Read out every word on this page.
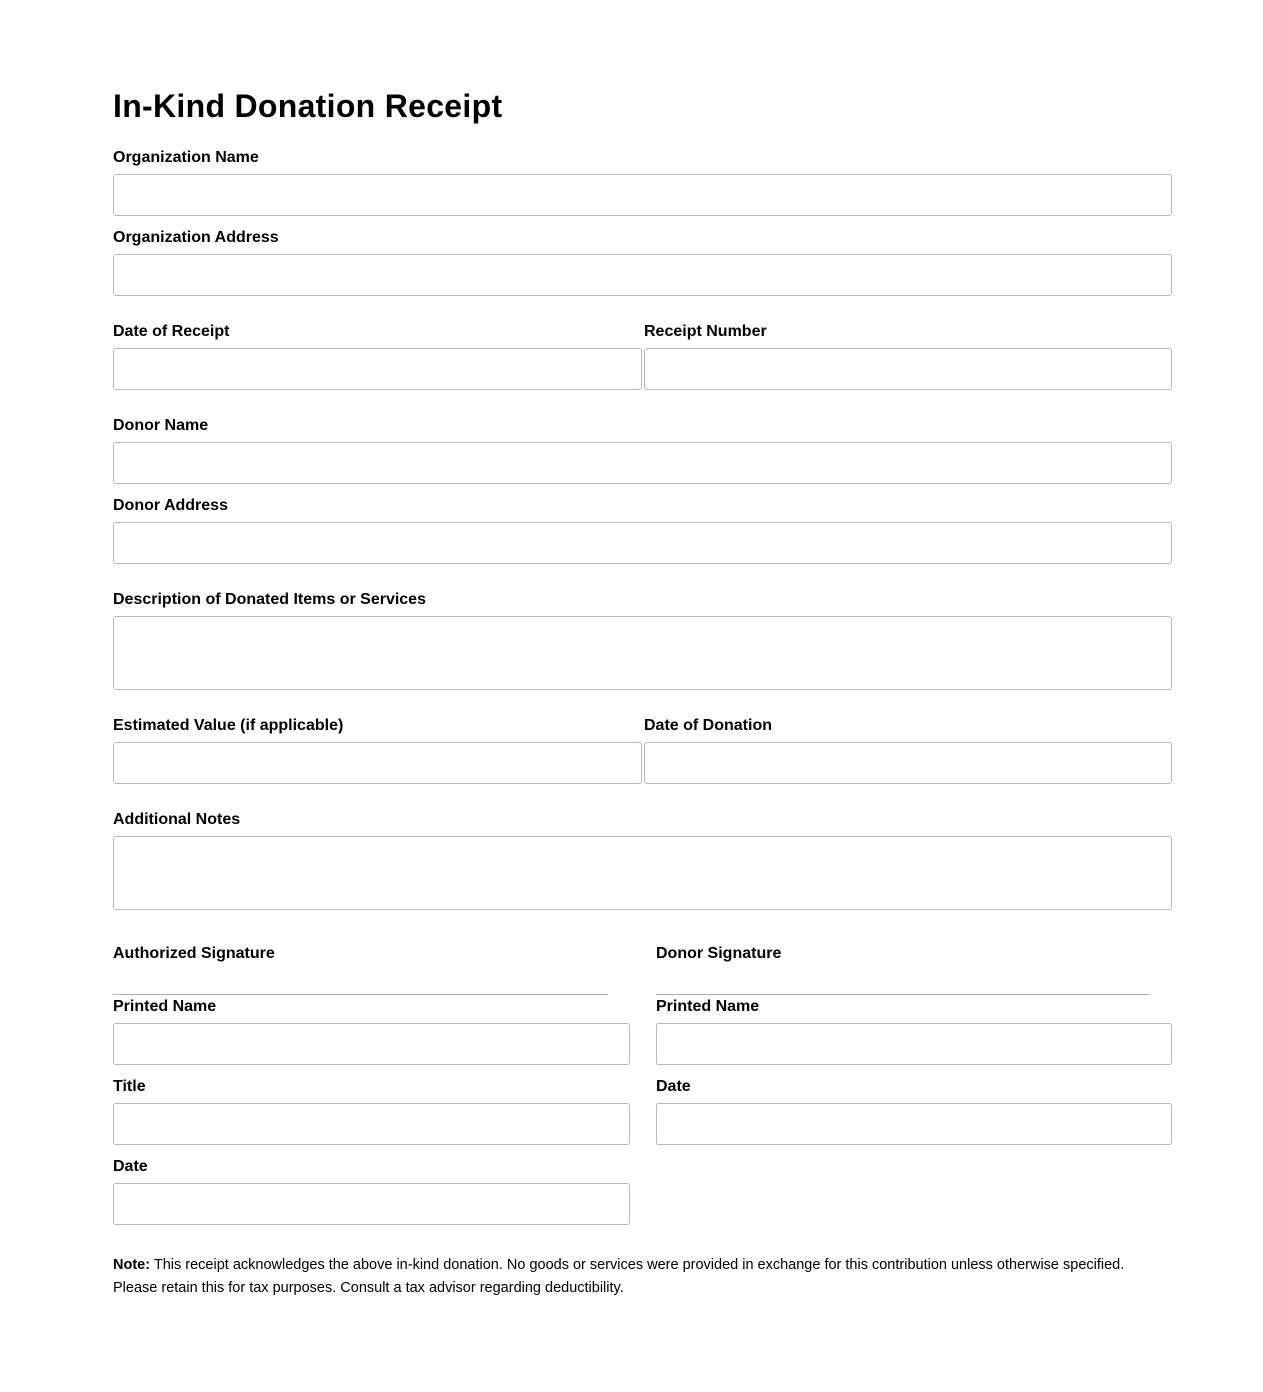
In-Kind Donation Receipt
Organization Name
Organization Address
Date of Receipt	Receipt Number
Donor Name
Donor Address
Description of Donated Items or Services
Estimated Value (if applicable)	Date of Donation
Additional Notes
Authorized Signature
Printed Name
Title
Date
Donor Signature
Printed Name
Date
Note: This receipt acknowledges the above in-kind donation. No goods or services were provided in exchange for this contribution unless otherwise specified. Please retain this for tax purposes. Consult a tax advisor regarding deductibility.
